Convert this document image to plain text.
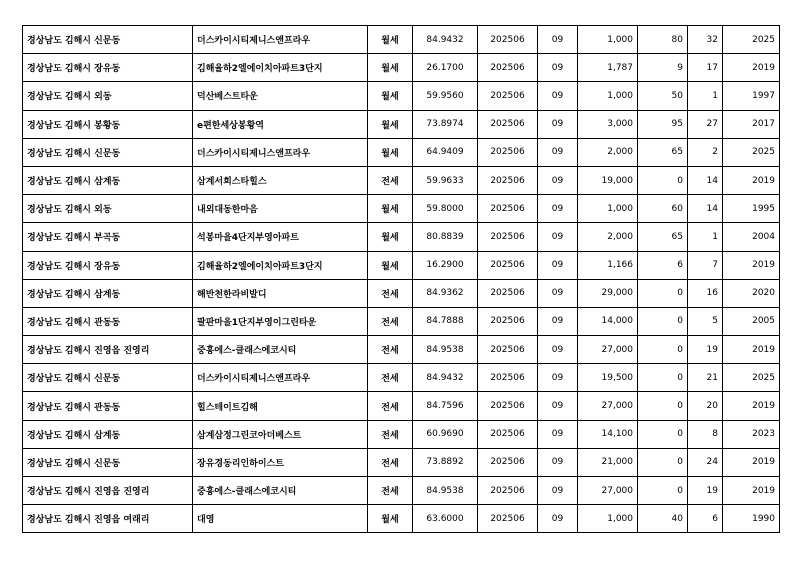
경상남도 김해시 신문동	더스카이시티제니스앤프라우	월세	84.9432	202506	09	1,000	80	32	2025
경상남도 김해시 장유동	김해율하2엘에이치아파트3단지	월세	26.1700	202506	09	1,787	9	17	2019
경상남도 김해시 외동	덕산베스트타운	월세	59.9560	202506	09	1,000	50	1	1997
경상남도 김해시 봉황동	e편한세상봉황역	월세	73.8974	202506	09	3,000	95	27	2017
경상남도 김해시 신문동	더스카이시티제니스앤프라우	월세	64.9409	202506	09	2,000	65	2	2025
경상남도 김해시 삼계동	삼계서희스타힐스	전세	59.9633	202506	09	19,000	0	14	2019
경상남도 김해시 외동	내외대동한마음	월세	59.8000	202506	09	1,000	60	14	1995
경상남도 김해시 부곡동	석봉마을4단지부영아파트	월세	80.8839	202506	09	2,000	65	1	2004
경상남도 김해시 장유동	김해율하2엘에이치아파트3단지	월세	16.2900	202506	09	1,166	6	7	2019
경상남도 김해시 삼계동	해반천한라비발디	전세	84.9362	202506	09	29,000	0	16	2020
경상남도 김해시 관동동	팔판마을1단지부영이그린타운	전세	84.7888	202506	09	14,000	0	5	2005
경상남도 김해시 진영읍 진영리	중흥에스-클래스에코시티	전세	84.9538	202506	09	27,000	0	19	2019
경상남도 김해시 신문동	더스카이시티제니스앤프라우	전세	84.9432	202506	09	19,500	0	21	2025
경상남도 김해시 관동동	힐스테이트김해	전세	84.7596	202506	09	27,000	0	20	2019
경상남도 김해시 삼계동	삼계삼정그린코아더베스트	전세	60.9690	202506	09	14,100	0	8	2023
경상남도 김해시 신문동	장유경동리인하이스트	전세	73.8892	202506	09	21,000	0	24	2019
경상남도 김해시 진영읍 진영리	중흥에스-클래스에코시티	전세	84.9538	202506	09	27,000	0	19	2019
경상남도 김해시 진영읍 여래리	대영	월세	63.6000	202506	09	1,000	40	6	1990
